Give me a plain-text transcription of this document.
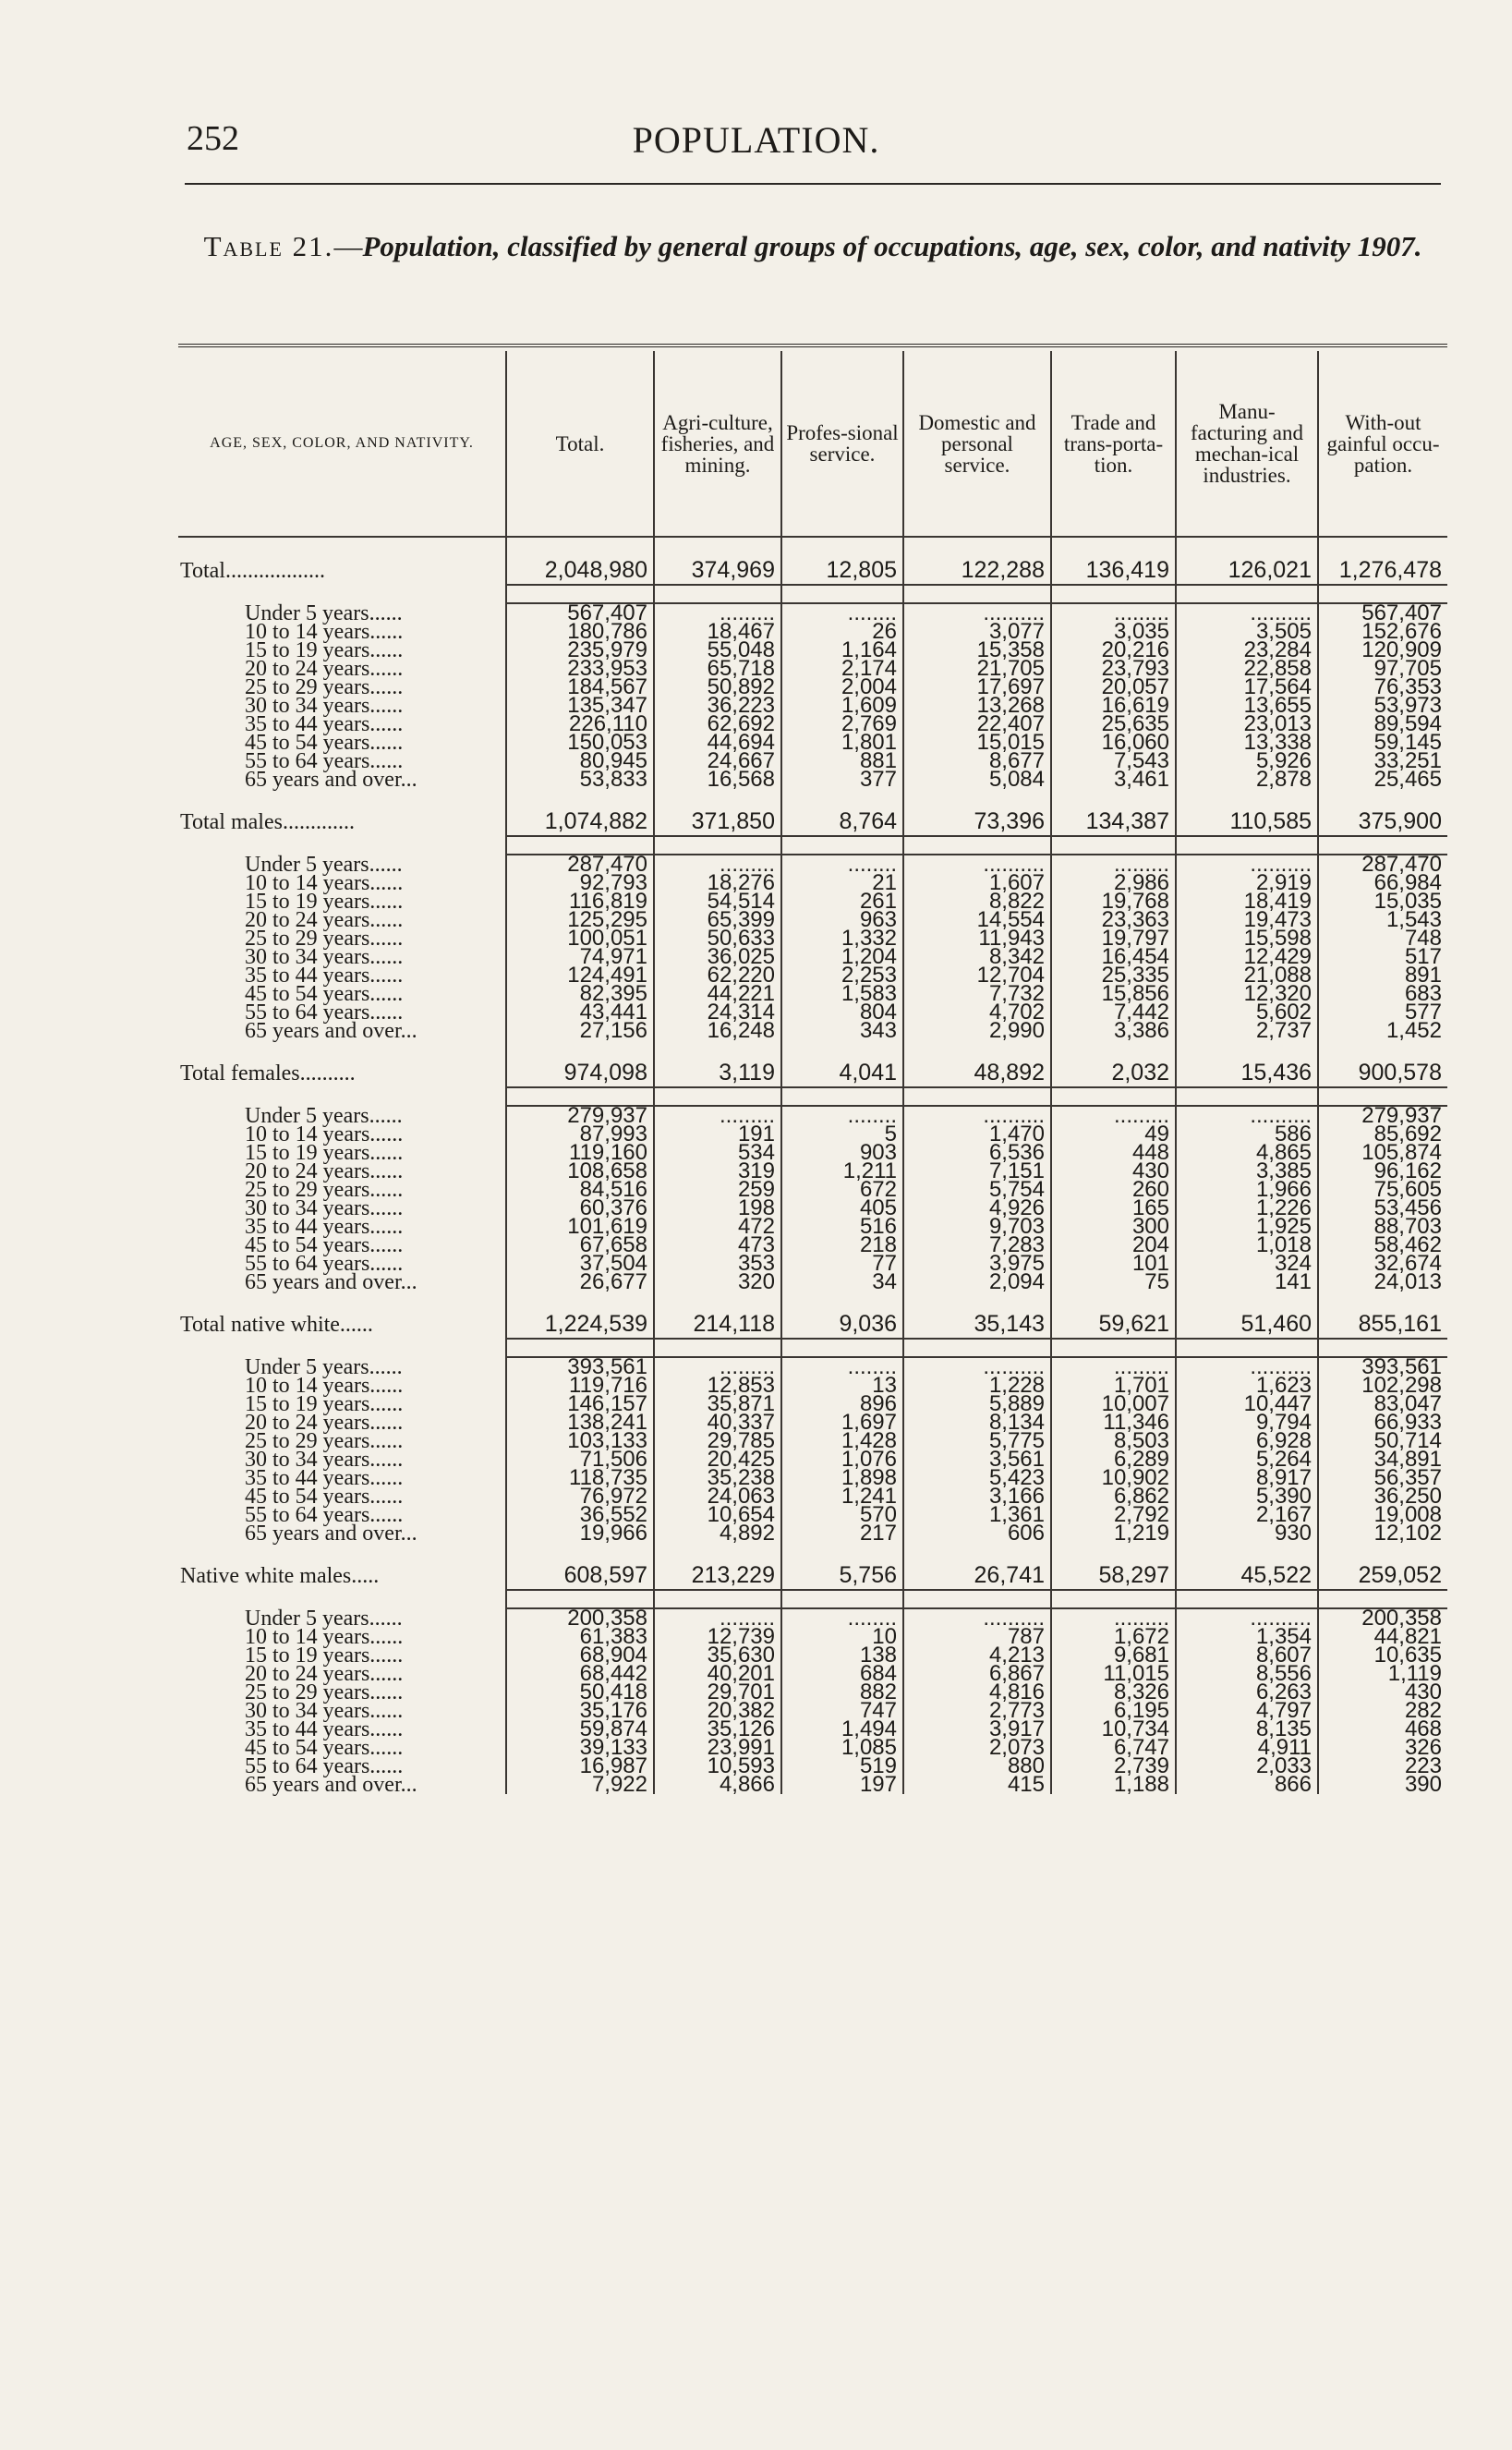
252	POPULATION.
Table 21.—Population, classified by general groups of occupations, age, sex, color, and nativity 1907.
AGE, SEX, COLOR, AND NATIVITY.	Total.	Agri-culture, fisheries, and mining.	Profes-sional service.	Domestic and personal service.	Trade and trans-porta-tion.	Manu-facturing and mechan-ical industries.	With-out gainful occu-pation.

Total..................	2,048,980	374,969	12,805	122,288	136,419	126,021	1,276,478

Under 5 years......	567,407	.........	........	..........	.........	..........	567,407
10 to 14 years......	180,786	18,467	26	3,077	3,035	3,505	152,676
15 to 19 years......	235,979	55,048	1,164	15,358	20,216	23,284	120,909
20 to 24 years......	233,953	65,718	2,174	21,705	23,793	22,858	97,705
25 to 29 years......	184,567	50,892	2,004	17,697	20,057	17,564	76,353
30 to 34 years......	135,347	36,223	1,609	13,268	16,619	13,655	53,973
35 to 44 years......	226,110	62,692	2,769	22,407	25,635	23,013	89,594
45 to 54 years......	150,053	44,694	1,801	15,015	16,060	13,338	59,145
55 to 64 years......	80,945	24,667	881	8,677	7,543	5,926	33,251
65 years and over...	53,833	16,568	377	5,084	3,461	2,878	25,465

Total males.............	1,074,882	371,850	8,764	73,396	134,387	110,585	375,900

Under 5 years......	287,470	.........	........	..........	.........	..........	287,470
10 to 14 years......	92,793	18,276	21	1,607	2,986	2,919	66,984
15 to 19 years......	116,819	54,514	261	8,822	19,768	18,419	15,035
20 to 24 years......	125,295	65,399	963	14,554	23,363	19,473	1,543
25 to 29 years......	100,051	50,633	1,332	11,943	19,797	15,598	748
30 to 34 years......	74,971	36,025	1,204	8,342	16,454	12,429	517
35 to 44 years......	124,491	62,220	2,253	12,704	25,335	21,088	891
45 to 54 years......	82,395	44,221	1,583	7,732	15,856	12,320	683
55 to 64 years......	43,441	24,314	804	4,702	7,442	5,602	577
65 years and over...	27,156	16,248	343	2,990	3,386	2,737	1,452

Total females..........	974,098	3,119	4,041	48,892	2,032	15,436	900,578

Under 5 years......	279,937	.........	........	..........	.........	..........	279,937
10 to 14 years......	87,993	191	5	1,470	49	586	85,692
15 to 19 years......	119,160	534	903	6,536	448	4,865	105,874
20 to 24 years......	108,658	319	1,211	7,151	430	3,385	96,162
25 to 29 years......	84,516	259	672	5,754	260	1,966	75,605
30 to 34 years......	60,376	198	405	4,926	165	1,226	53,456
35 to 44 years......	101,619	472	516	9,703	300	1,925	88,703
45 to 54 years......	67,658	473	218	7,283	204	1,018	58,462
55 to 64 years......	37,504	353	77	3,975	101	324	32,674
65 years and over...	26,677	320	34	2,094	75	141	24,013

Total native white......	1,224,539	214,118	9,036	35,143	59,621	51,460	855,161

Under 5 years......	393,561	.........	........	..........	.........	..........	393,561
10 to 14 years......	119,716	12,853	13	1,228	1,701	1,623	102,298
15 to 19 years......	146,157	35,871	896	5,889	10,007	10,447	83,047
20 to 24 years......	138,241	40,337	1,697	8,134	11,346	9,794	66,933
25 to 29 years......	103,133	29,785	1,428	5,775	8,503	6,928	50,714
30 to 34 years......	71,506	20,425	1,076	3,561	6,289	5,264	34,891
35 to 44 years......	118,735	35,238	1,898	5,423	10,902	8,917	56,357
45 to 54 years......	76,972	24,063	1,241	3,166	6,862	5,390	36,250
55 to 64 years......	36,552	10,654	570	1,361	2,792	2,167	19,008
65 years and over...	19,966	4,892	217	606	1,219	930	12,102

Native white males.....	608,597	213,229	5,756	26,741	58,297	45,522	259,052

Under 5 years......	200,358	.........	........	..........	.........	..........	200,358
10 to 14 years......	61,383	12,739	10	787	1,672	1,354	44,821
15 to 19 years......	68,904	35,630	138	4,213	9,681	8,607	10,635
20 to 24 years......	68,442	40,201	684	6,867	11,015	8,556	1,119
25 to 29 years......	50,418	29,701	882	4,816	8,326	6,263	430
30 to 34 years......	35,176	20,382	747	2,773	6,195	4,797	282
35 to 44 years......	59,874	35,126	1,494	3,917	10,734	8,135	468
45 to 54 years......	39,133	23,991	1,085	2,073	6,747	4,911	326
55 to 64 years......	16,987	10,593	519	880	2,739	2,033	223
65 years and over...	7,922	4,866	197	415	1,188	866	390
